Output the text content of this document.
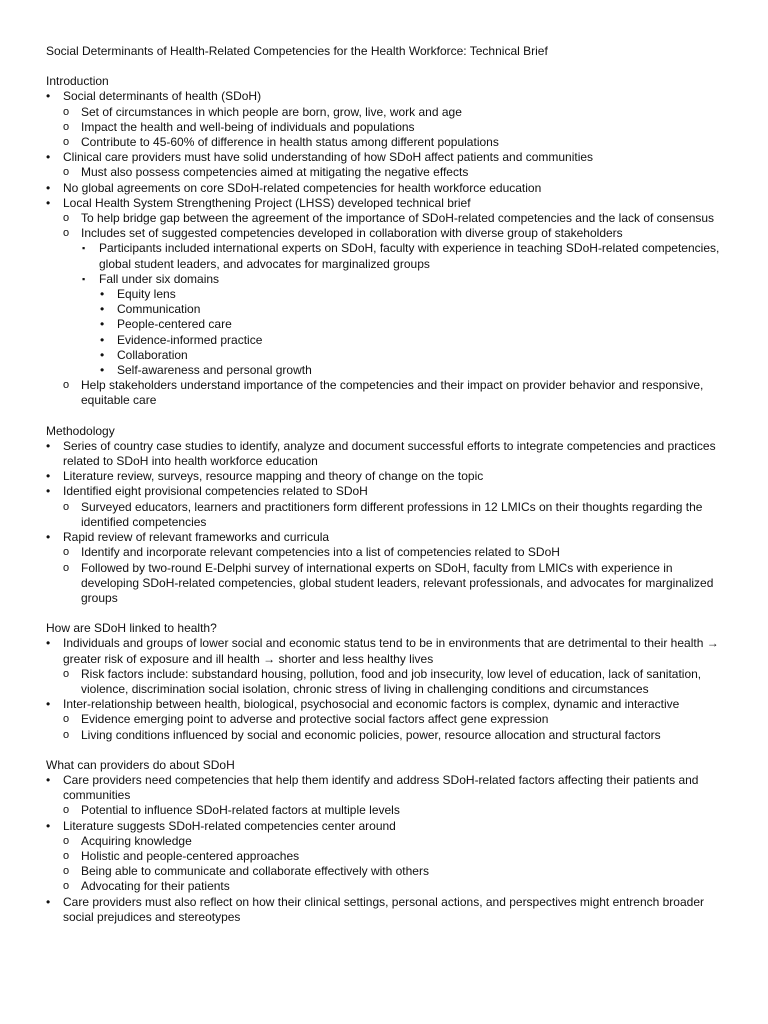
Social Determinants of Health-Related Competencies for the Health Workforce: Technical Brief
Introduction
• Social determinants of health (SDoH)
o Set of circumstances in which people are born, grow, live, work and age
o Impact the health and well-being of individuals and populations
o Contribute to 45-60% of difference in health status among different populations
• Clinical care providers must have solid understanding of how SDoH affect patients and communities
o Must also possess competencies aimed at mitigating the negative effects
• No global agreements on core SDoH-related competencies for health workforce education
• Local Health System Strengthening Project (LHSS) developed technical brief
o To help bridge gap between the agreement of the importance of SDoH-related competencies and the lack of consensus
o Includes set of suggested competencies developed in collaboration with diverse group of stakeholders
▪ Participants included international experts on SDoH, faculty with experience in teaching SDoH-related competencies, global student leaders, and advocates for marginalized groups
▪ Fall under six domains
• Equity lens
• Communication
• People-centered care
• Evidence-informed practice
• Collaboration
• Self-awareness and personal growth
o Help stakeholders understand importance of the competencies and their impact on provider behavior and responsive, equitable care
Methodology
• Series of country case studies to identify, analyze and document successful efforts to integrate competencies and practices related to SDoH into health workforce education
• Literature review, surveys, resource mapping and theory of change on the topic
• Identified eight provisional competencies related to SDoH
o Surveyed educators, learners and practitioners form different professions in 12 LMICs on their thoughts regarding the identified competencies
• Rapid review of relevant frameworks and curricula
o Identify and incorporate relevant competencies into a list of competencies related to SDoH
o Followed by two-round E-Delphi survey of international experts on SDoH, faculty from LMICs with experience in developing SDoH-related competencies, global student leaders, relevant professionals, and advocates for marginalized groups
How are SDoH linked to health?
• Individuals and groups of lower social and economic status tend to be in environments that are detrimental to their health → greater risk of exposure and ill health → shorter and less healthy lives
o Risk factors include: substandard housing, pollution, food and job insecurity, low level of education, lack of sanitation, violence, discrimination social isolation, chronic stress of living in challenging conditions and circumstances
• Inter-relationship between health, biological, psychosocial and economic factors is complex, dynamic and interactive
o Evidence emerging point to adverse and protective social factors affect gene expression
o Living conditions influenced by social and economic policies, power, resource allocation and structural factors
What can providers do about SDoH
• Care providers need competencies that help them identify and address SDoH-related factors affecting their patients and communities
o Potential to influence SDoH-related factors at multiple levels
• Literature suggests SDoH-related competencies center around
o Acquiring knowledge
o Holistic and people-centered approaches
o Being able to communicate and collaborate effectively with others
o Advocating for their patients
• Care providers must also reflect on how their clinical settings, personal actions, and perspectives might entrench broader social prejudices and stereotypes
